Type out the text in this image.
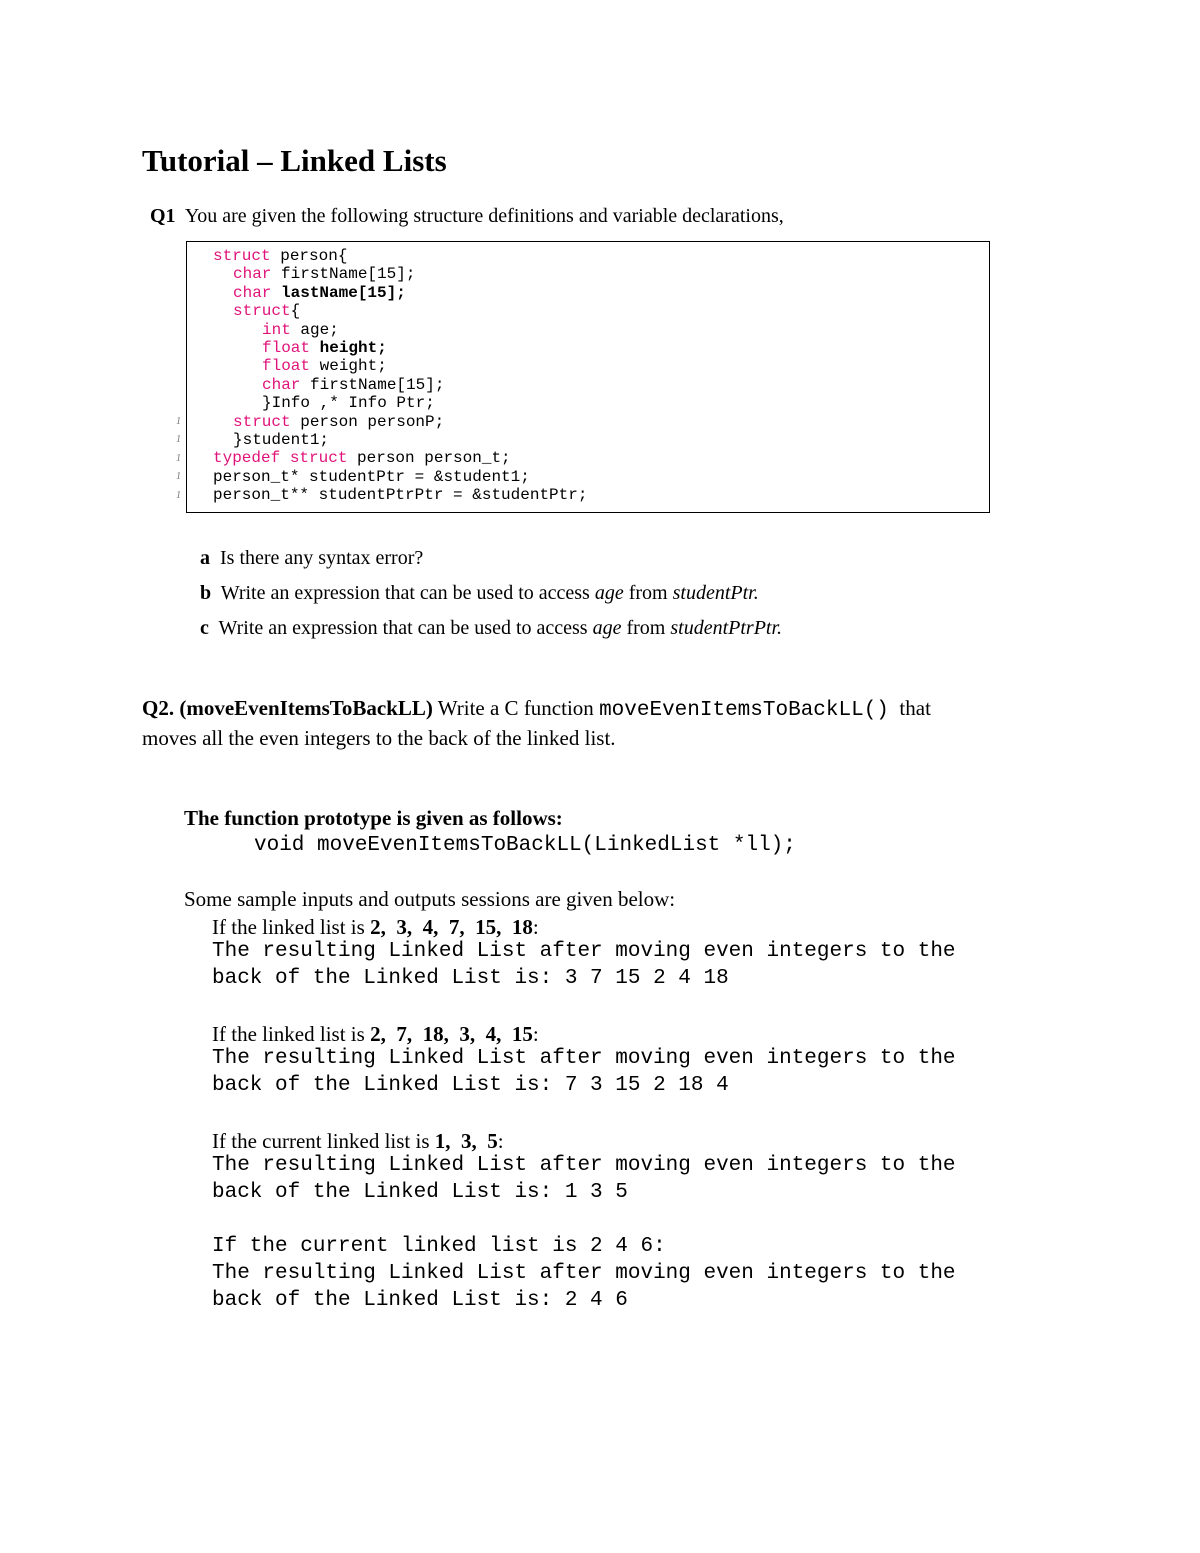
Tutorial – Linked Lists
Q1 You are given the following structure definitions and variable declarations,
struct person{
char firstName[15];
char lastName[15];
struct{
int age;
float height;
float weight;
char firstName[15];
}Info ,* Info Ptr;
struct person personP;
}student1;
typedef struct person person_t;
person_t* studentPtr = &student1;
person_t** studentPtrPtr = &studentPtr;
1
1
1
1
1
a Is there any syntax error?
b Write an expression that can be used to access age from studentPtr.
c Write an expression that can be used to access age from studentPtrPtr.
Q2. (moveEvenItemsToBackLL) Write a C function moveEvenItemsToBackLL()  that
moves all the even integers to the back of the linked list.
The function prototype is given as follows:
void moveEvenItemsToBackLL(LinkedList *ll);
Some sample inputs and outputs sessions are given below:
If the linked list is 2,  3,  4,  7,  15,  18:
The resulting Linked List after moving even integers to the
back of the Linked List is: 3 7 15 2 4 18
If the linked list is 2,  7,  18,  3,  4,  15:
The resulting Linked List after moving even integers to the
back of the Linked List is: 7 3 15 2 18 4
If the current linked list is 1,  3,  5:
The resulting Linked List after moving even integers to the
back of the Linked List is: 1 3 5
If the current linked list is 2 4 6:
The resulting Linked List after moving even integers to the
back of the Linked List is: 2 4 6
